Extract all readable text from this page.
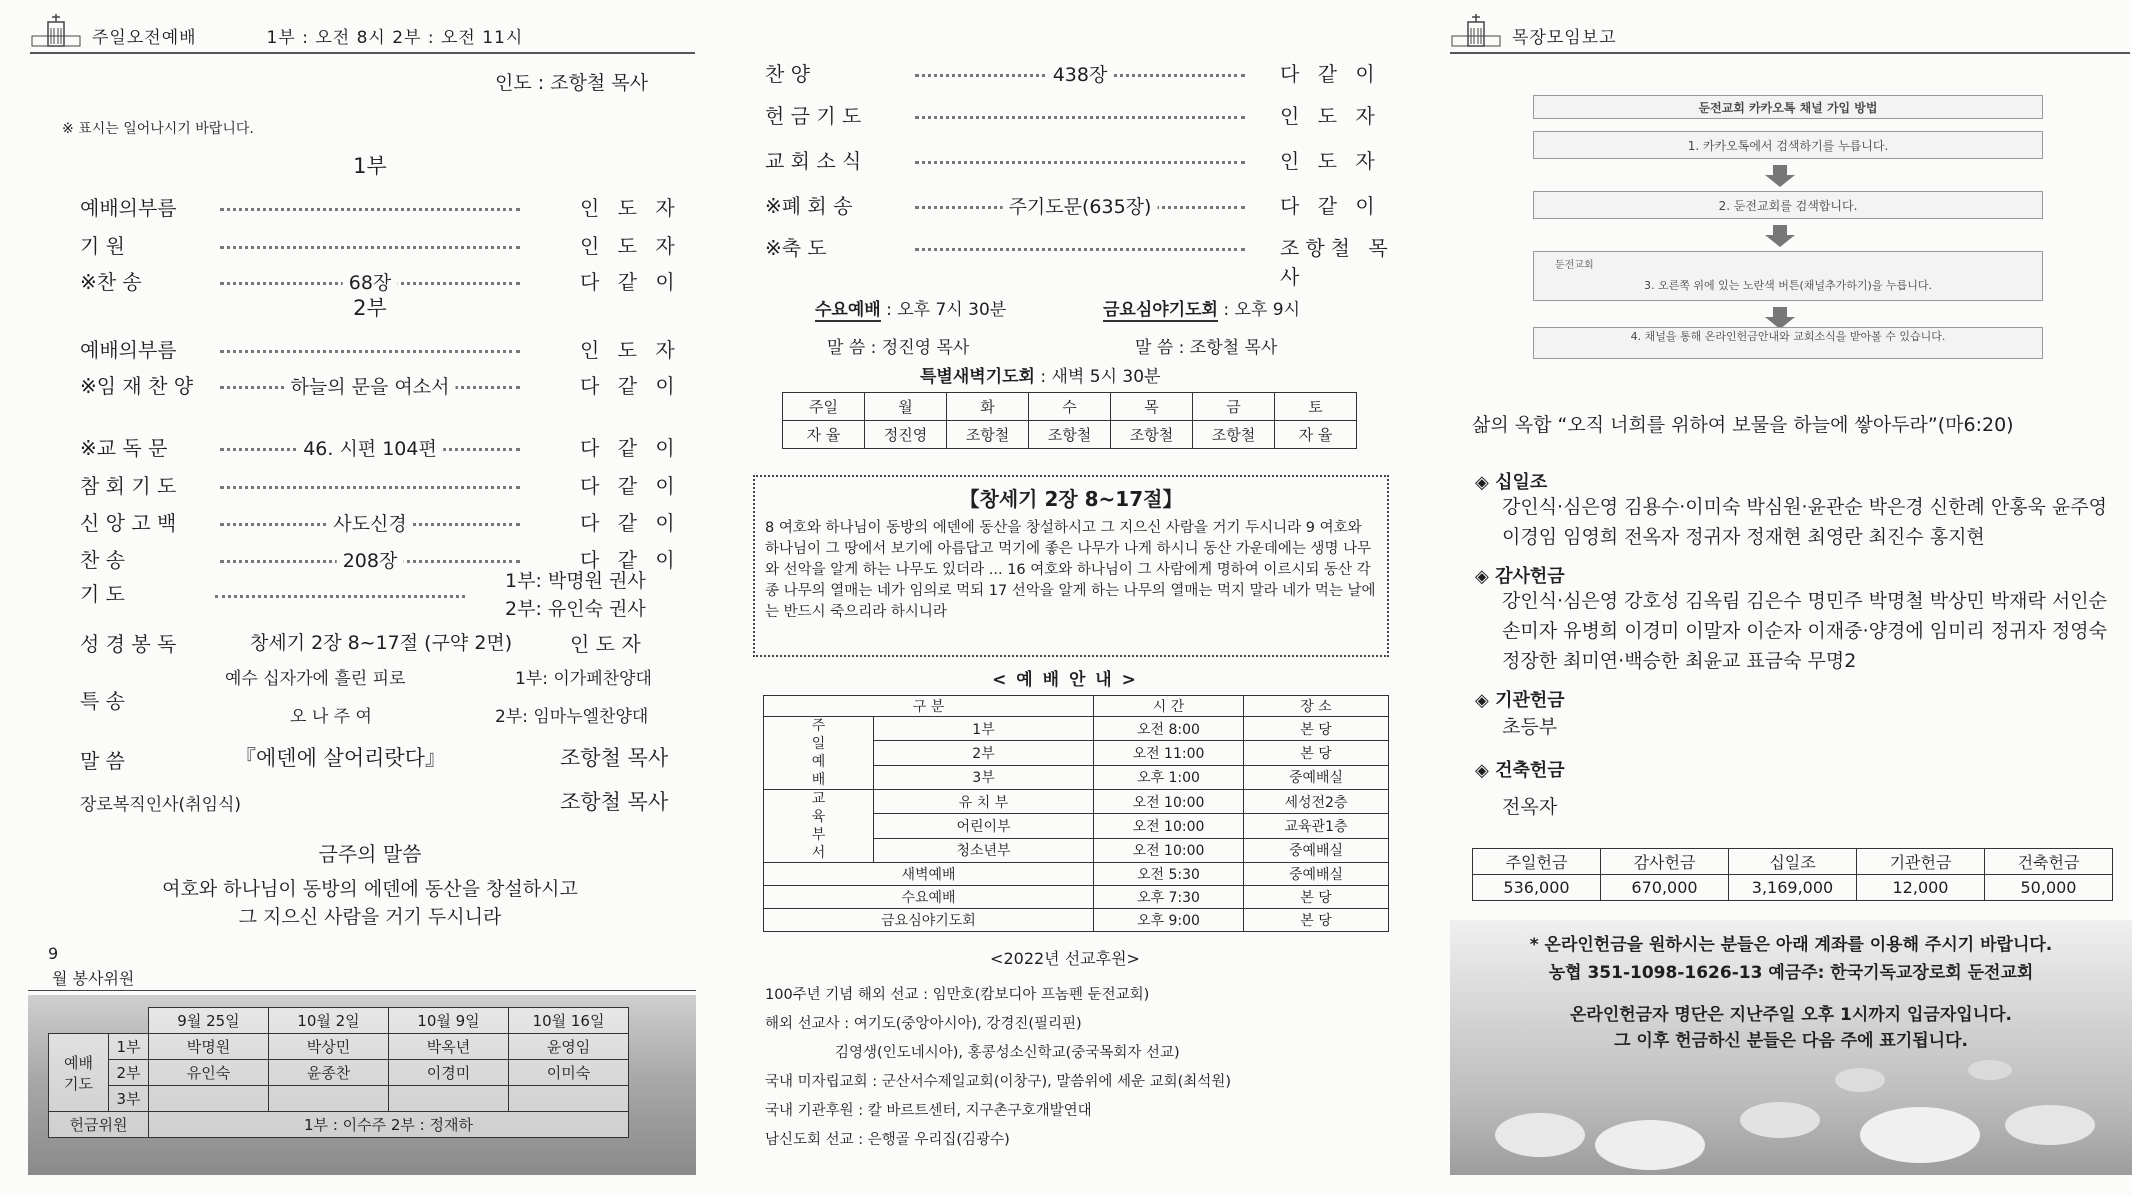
주일오전예배	1부 : 오전 8시 2부 : 오전 11시
인도 : 조항철 목사
※ 표시는 일어나시기 바랍니다.
1부
예배의부름	인 도 자
기 원	인 도 자
※찬 송	68장	다 같 이
2부
예배의부름	인 도 자
※임 재 찬 양	하늘의 문을 여소서	다 같 이
※교 독 문	46. 시편 104편	다 같 이
참 회 기 도	다 같 이
신 앙 고 백	사도신경	다 같 이
찬 송	208장	다 같 이
기 도
1부: 박명원 권사
2부: 유인숙 권사
성 경 봉 독	창세기 2장 8~17절 (구약 2면)	인 도 자
특 송
예수 십자가에 흘린 피로	1부: 이가페찬양대
오 나 주 여	2부: 임마누엘찬양대
말 씀	『에덴에 살어리랏다』	조항철 목사
장로복직인사(취임식)	조항철 목사
금주의 말씀
여호와 하나님이 동방의 에덴에 동산을 창설하시고
그 지으신 사람을 거기 두시니라
9
월 봉사위원
		9월 25일	10월 2일	10월 9일	10월 16일
예배
기도	1부	박명원	박상민	박옥년	윤영임
	2부	유인숙	윤종찬	이경미	이미숙
	3부				
헌금위원		1부 : 이수주 2부 : 정재하			
찬 양	438장	다 같 이
헌 금 기 도	인 도 자
교 회 소 식	인 도 자
※폐 회 송	주기도문(635장)	다 같 이
※축 도	조항철 목사
수요예배 : 오후 7시 30분	금요심야기도회 : 오후 9시
말 씀 : 정진영 목사	말 씀 : 조항철 목사
특별새벽기도회 : 새벽 5시 30분
주일	월	화	수	목	금	토
자 율	정진영	조항철	조항철	조항철	조항철	자 율
【창세기 2장 8~17절】
8 여호와 하나님이 동방의 에덴에 동산을 창설하시고 그 지으신 사람을 거기 두시니라 9 여호와 하나님이 그 땅에서 보기에 아름답고 먹기에 좋은 나무가 나게 하시니 동산 가운데에는 생명 나무와 선악을 알게 하는 나무도 있더라 ... 16 여호와 하나님이 그 사람에게 명하여 이르시되 동산 각종 나무의 열매는 네가 임의로 먹되 17 선악을 알게 하는 나무의 열매는 먹지 말라 네가 먹는 날에는 반드시 죽으리라 하시니라
< 예 배 안 내 >
구 분		시 간	장 소

주
일
예
배	1부	오전 8:00	본 당
	2부	오전 11:00	본 당
	3부	오후 1:00	중예배실

교
육
부
서	유 치 부	오전 10:00	세성전2층
	어린이부	오전 10:00	교육관1층
	청소년부	오전 10:00	중예배실
새벽예배		오전 5:30	중예배실
수요예배		오후 7:30	본 당
금요심야기도회		오후 9:00	본 당
<2022년 선교후원>
100주년 기념 해외 선교 : 임만호(캄보디아 프놈펜 둔전교회)
해외 선교사 : 여기도(중앙아시아), 강경진(필리핀)
김영생(인도네시아), 홍콩성소신학교(중국목회자 선교)
국내 미자립교회 : 군산서수제일교회(이창구), 말씀위에 세운 교회(최석원)
국내 기관후원 : 칼 바르트센터, 지구촌구호개발연대
남신도회 선교 : 은행골 우리집(김광수)
목장모임보고
둔전교회 카카오톡 채널 가입 방법
1. 카카오톡에서 검색하기를 누릅니다.
2. 둔전교회를 검색합니다.
3. 오른쪽 위에 있는 노란색 버튼(채널추가하기)을 누릅니다.
둔전교회
4. 채널을 통해 온라인헌금안내와 교회소식을 받아볼 수 있습니다.
삶의 옥합 “오직 너희를 위하여 보물을 하늘에 쌓아두라”(마6:20)
◈ 십일조
강인식·심은영 김용수·이미숙 박심원·윤관순 박은경 신한례 안홍욱 윤주영 이경임 임영희 전옥자 정귀자 정재현 최영란 최진수 홍지현
◈ 감사헌금
강인식·심은영 강호성 김옥림 김은수 명민주 박명철 박상민 박재락 서인순 손미자 유병희 이경미 이말자 이순자 이재중·양경에 임미리 정귀자 정영숙 정장한 최미연·백승한 최윤교 표금숙 무명2
◈ 기관헌금
초등부
◈ 건축헌금
전옥자
주일헌금	감사헌금	십일조	기관헌금	건축헌금
536,000	670,000	3,169,000	12,000	50,000
* 온라인헌금을 원하시는 분들은 아래 계좌를 이용해 주시기 바랍니다.
농협 351-1098-1626-13 예금주: 한국기독교장로회 둔전교회
온라인헌금자 명단은 지난주일 오후 1시까지 입금자입니다.
그 이후 헌금하신 분들은 다음 주에 표기됩니다.
